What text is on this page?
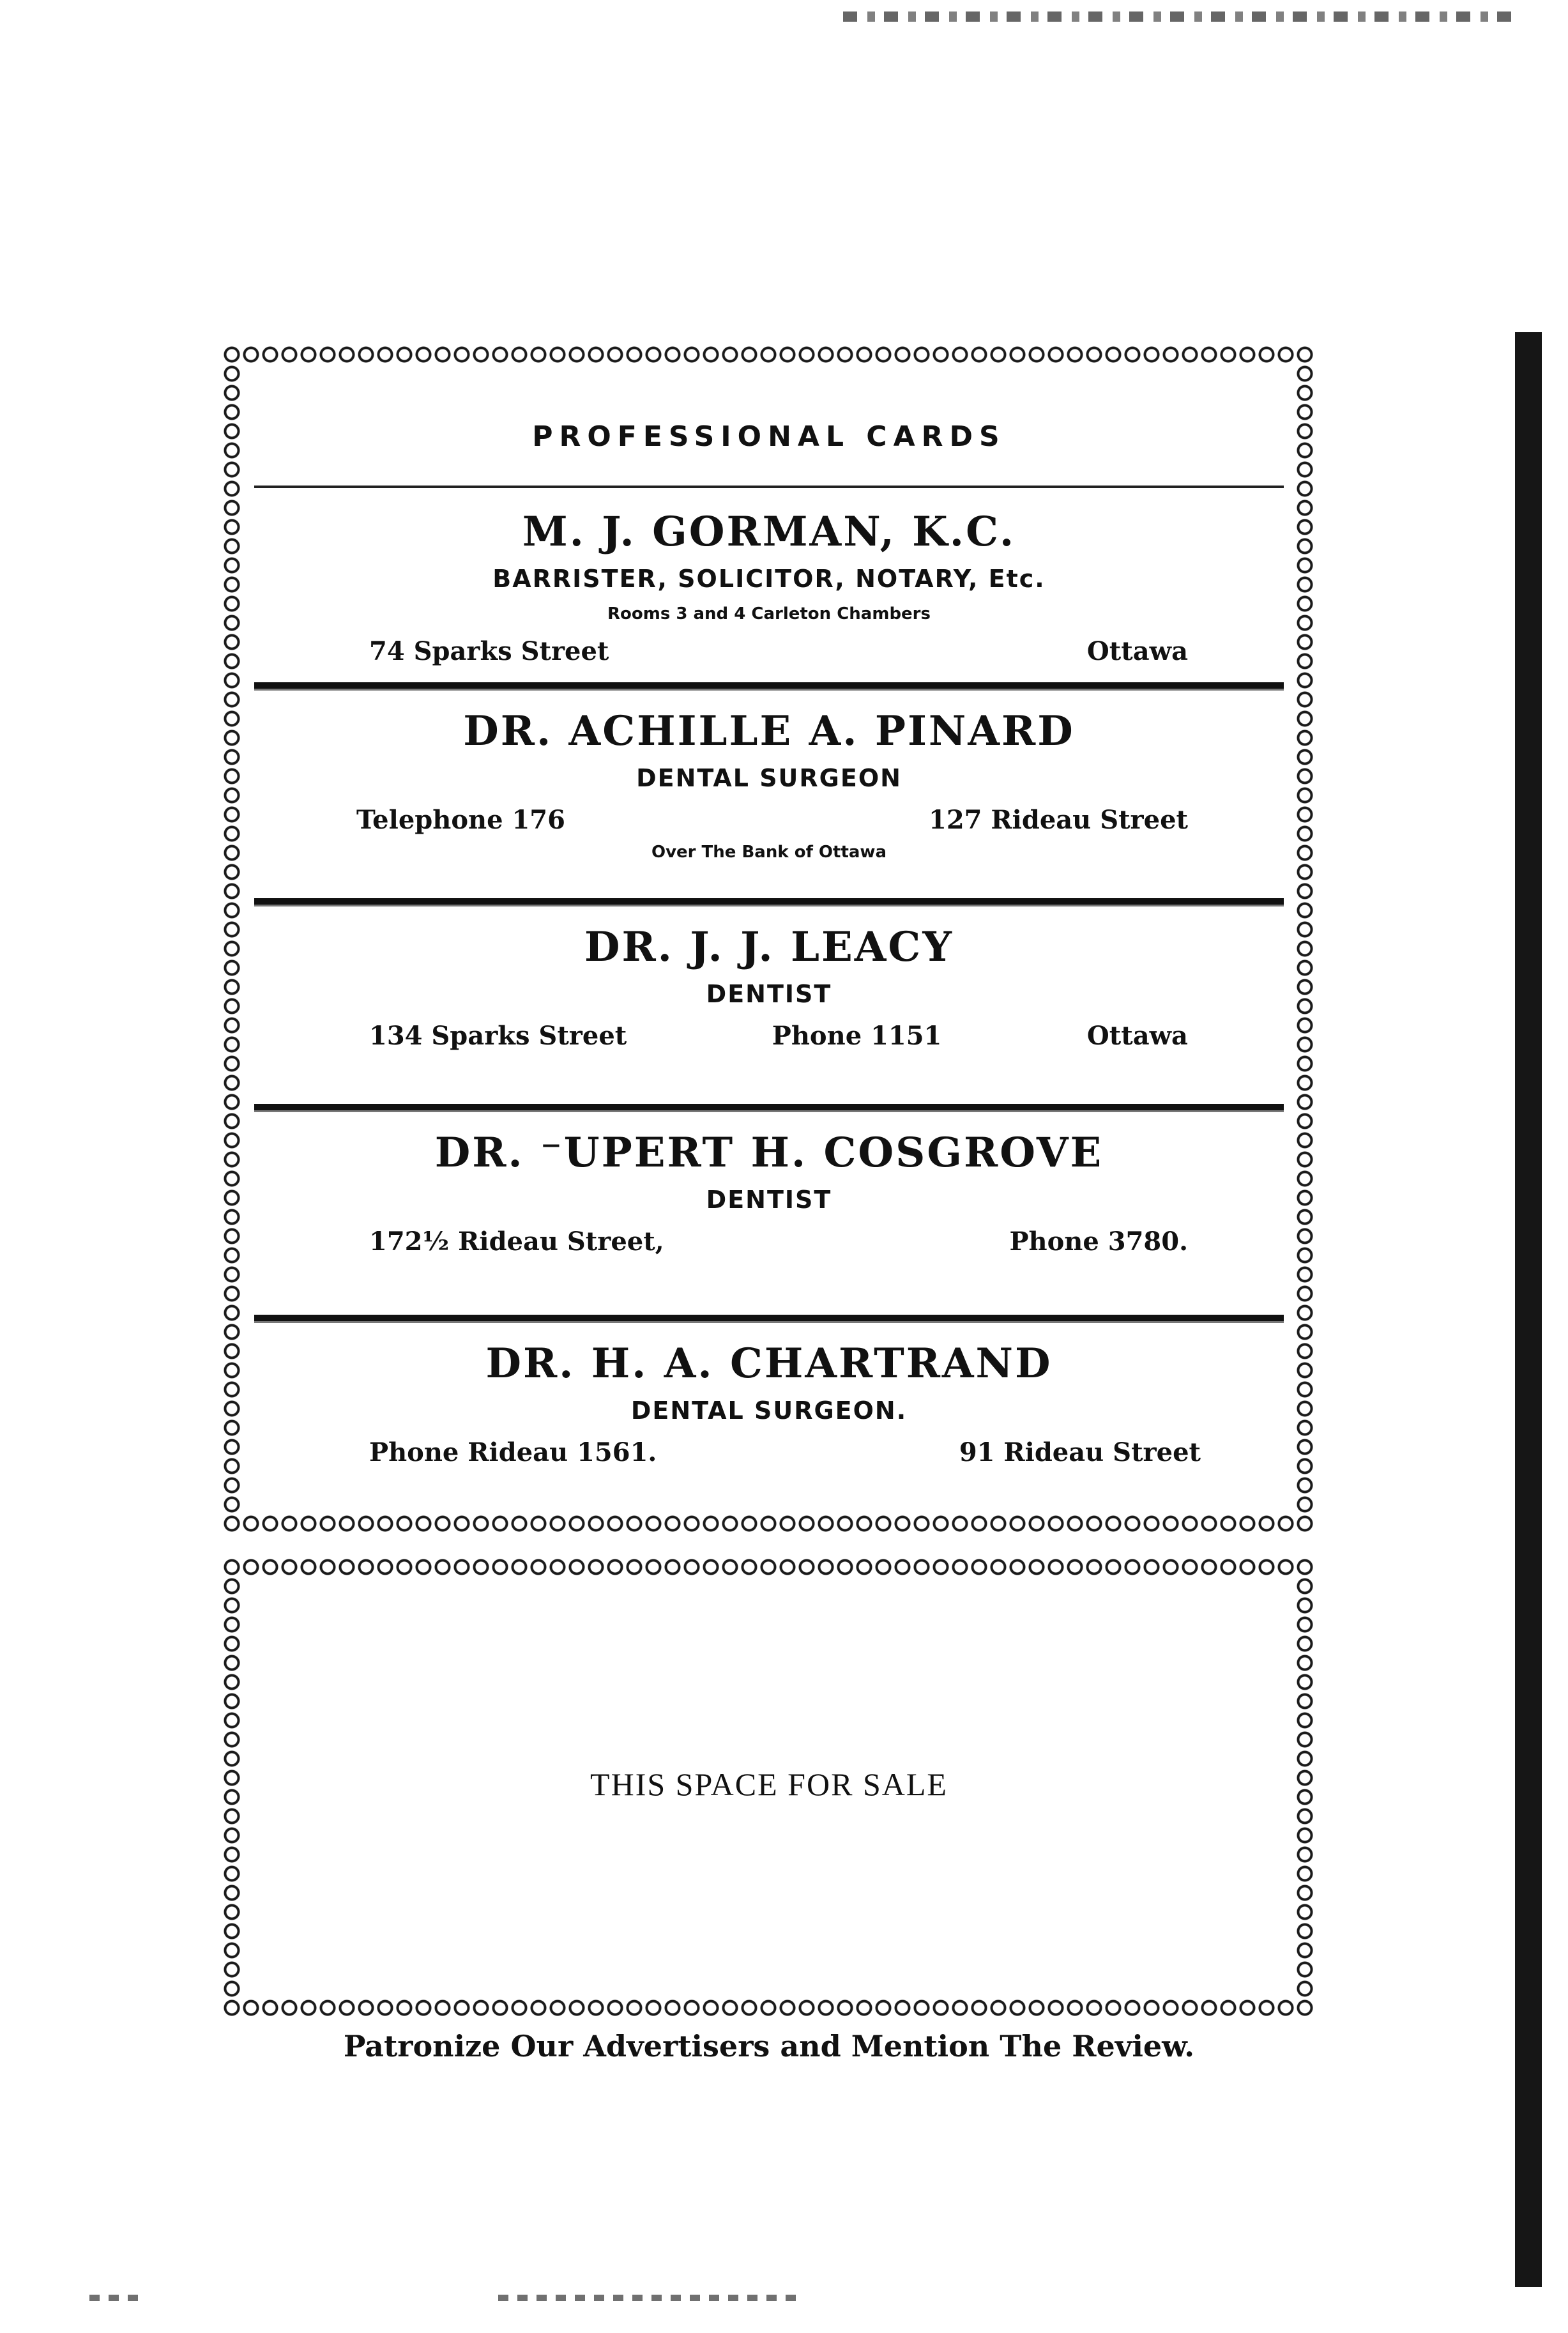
PROFESSIONAL CARDS
M. J. GORMAN, K.C.
BARRISTER, SOLICITOR, NOTARY, Etc.
Rooms 3 and 4 Carleton Chambers
74 Sparks Street	Ottawa
DR. ACHILLE A. PINARD
DENTAL SURGEON
Telephone 176	127 Rideau Street
Over The Bank of Ottawa
DR. J. J. LEACY
DENTIST
134 Sparks Street	Phone 1151	Ottawa
DR. ⁻UPERT H. COSGROVE
DENTIST
172½ Rideau Street,	Phone 3780.
DR. H. A. CHARTRAND
DENTAL SURGEON.
Phone Rideau 1561.	91 Rideau Street
THIS SPACE FOR SALE
Patronize Our Advertisers and Mention The Review.
